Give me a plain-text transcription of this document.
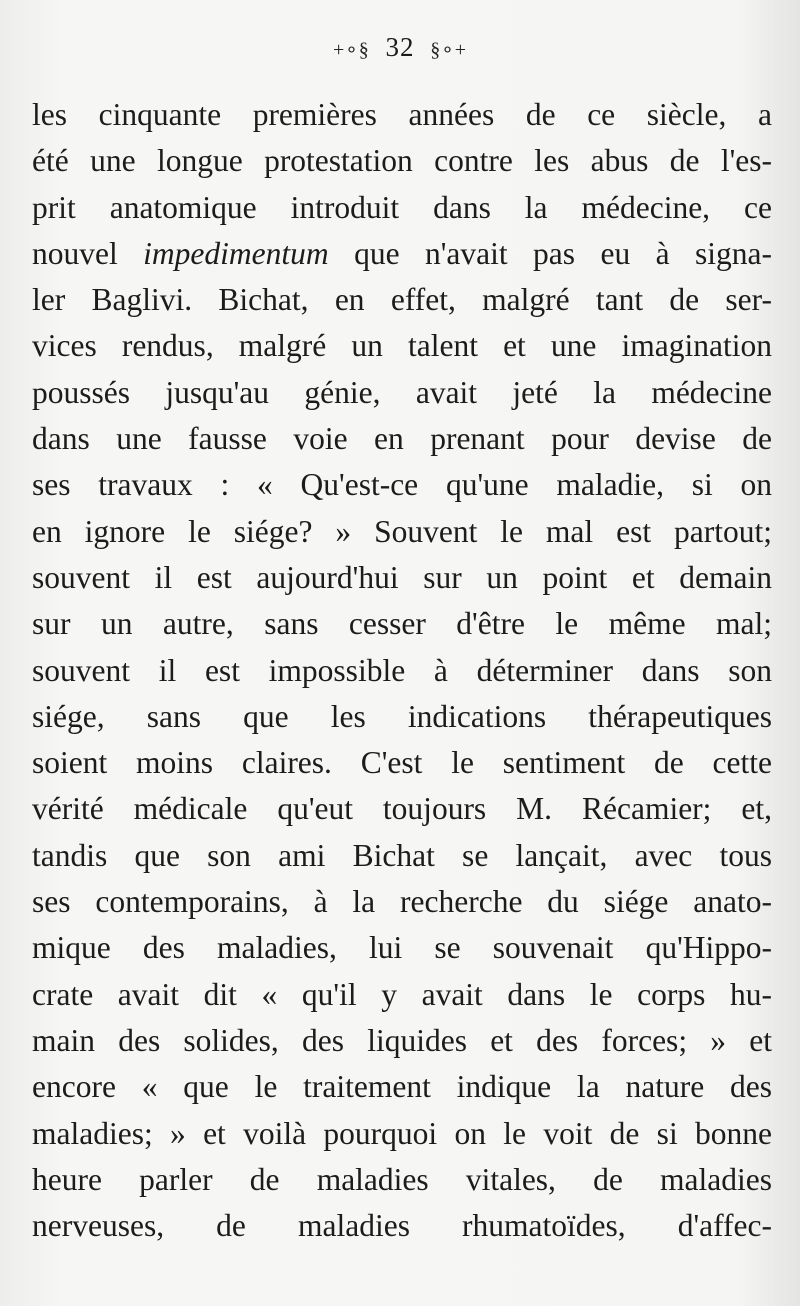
+∘§ 32 §∘+
les cinquante premières années de ce siècle, a
été une longue protestation contre les abus de l'es-
prit anatomique introduit dans la médecine, ce
nouvel impedimentum que n'avait pas eu à signa-
ler Baglivi. Bichat, en effet, malgré tant de ser-
vices rendus, malgré un talent et une imagination
poussés jusqu'au génie, avait jeté la médecine
dans une fausse voie en prenant pour devise de
ses travaux : « Qu'est-ce qu'une maladie, si on
en ignore le siége? » Souvent le mal est partout;
souvent il est aujourd'hui sur un point et demain
sur un autre, sans cesser d'être le même mal;
souvent il est impossible à déterminer dans son
siége, sans que les indications thérapeutiques
soient moins claires. C'est le sentiment de cette
vérité médicale qu'eut toujours M. Récamier; et,
tandis que son ami Bichat se lançait, avec tous
ses contemporains, à la recherche du siége anato-
mique des maladies, lui se souvenait qu'Hippo-
crate avait dit « qu'il y avait dans le corps hu-
main des solides, des liquides et des forces; » et
encore « que le traitement indique la nature des
maladies; » et voilà pourquoi on le voit de si bonne
heure parler de maladies vitales, de maladies
nerveuses, de maladies rhumatoïdes, d'affec-
